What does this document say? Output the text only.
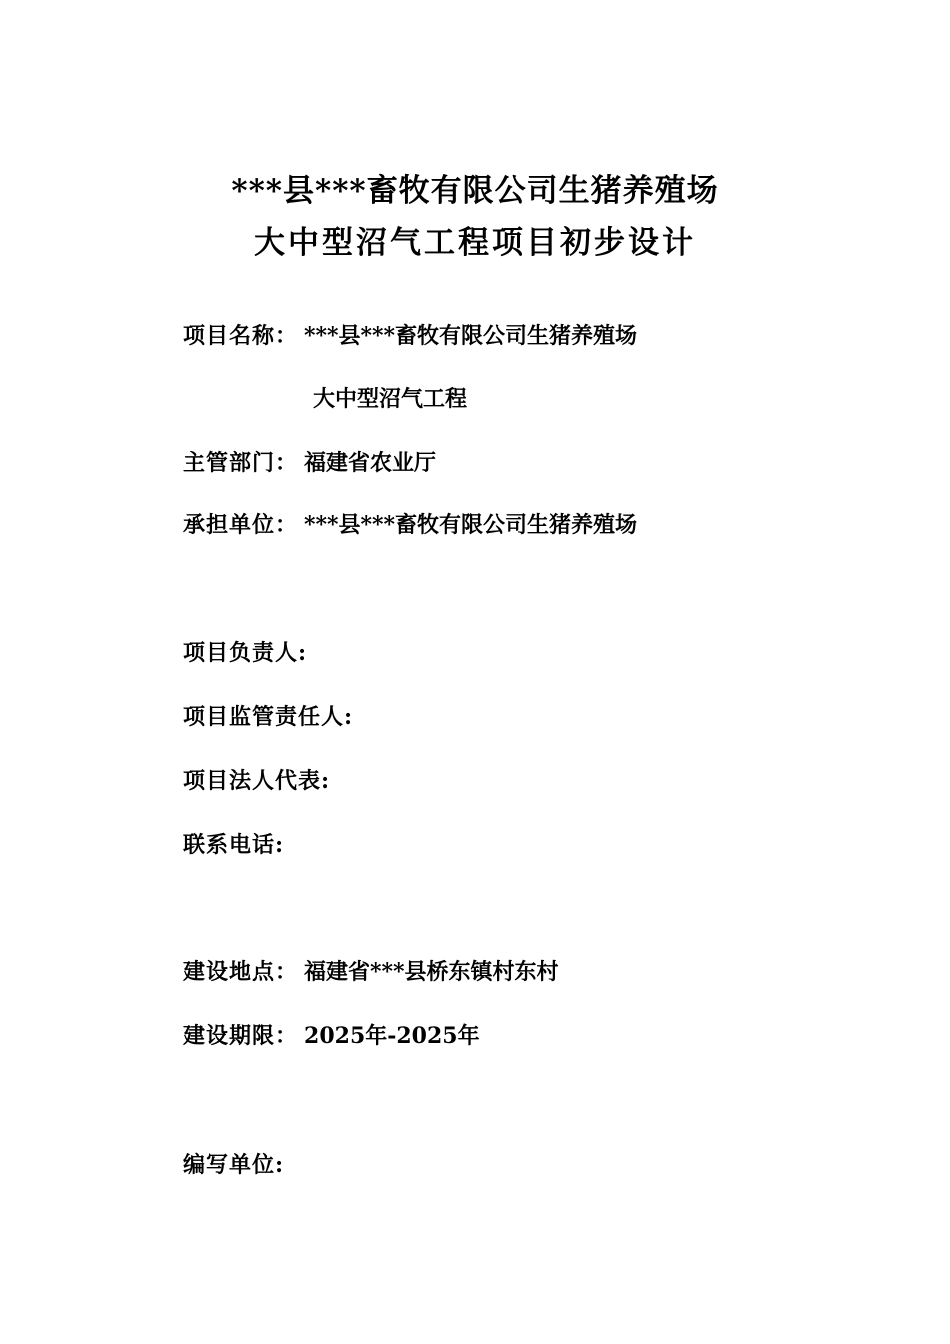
***县***畜牧有限公司生猪养殖场
大中型沼气工程项目初步设计
项目名称： ***县***畜牧有限公司生猪养殖场
大中型沼气工程
主管部门： 福建省农业厅
承担单位： ***县***畜牧有限公司生猪养殖场
项目负责人:
项目监管责任人:
项目法人代表:
联系电话:
建设地点： 福建省***县桥东镇村东村
建设期限： 2025年-2025年
编写单位:
